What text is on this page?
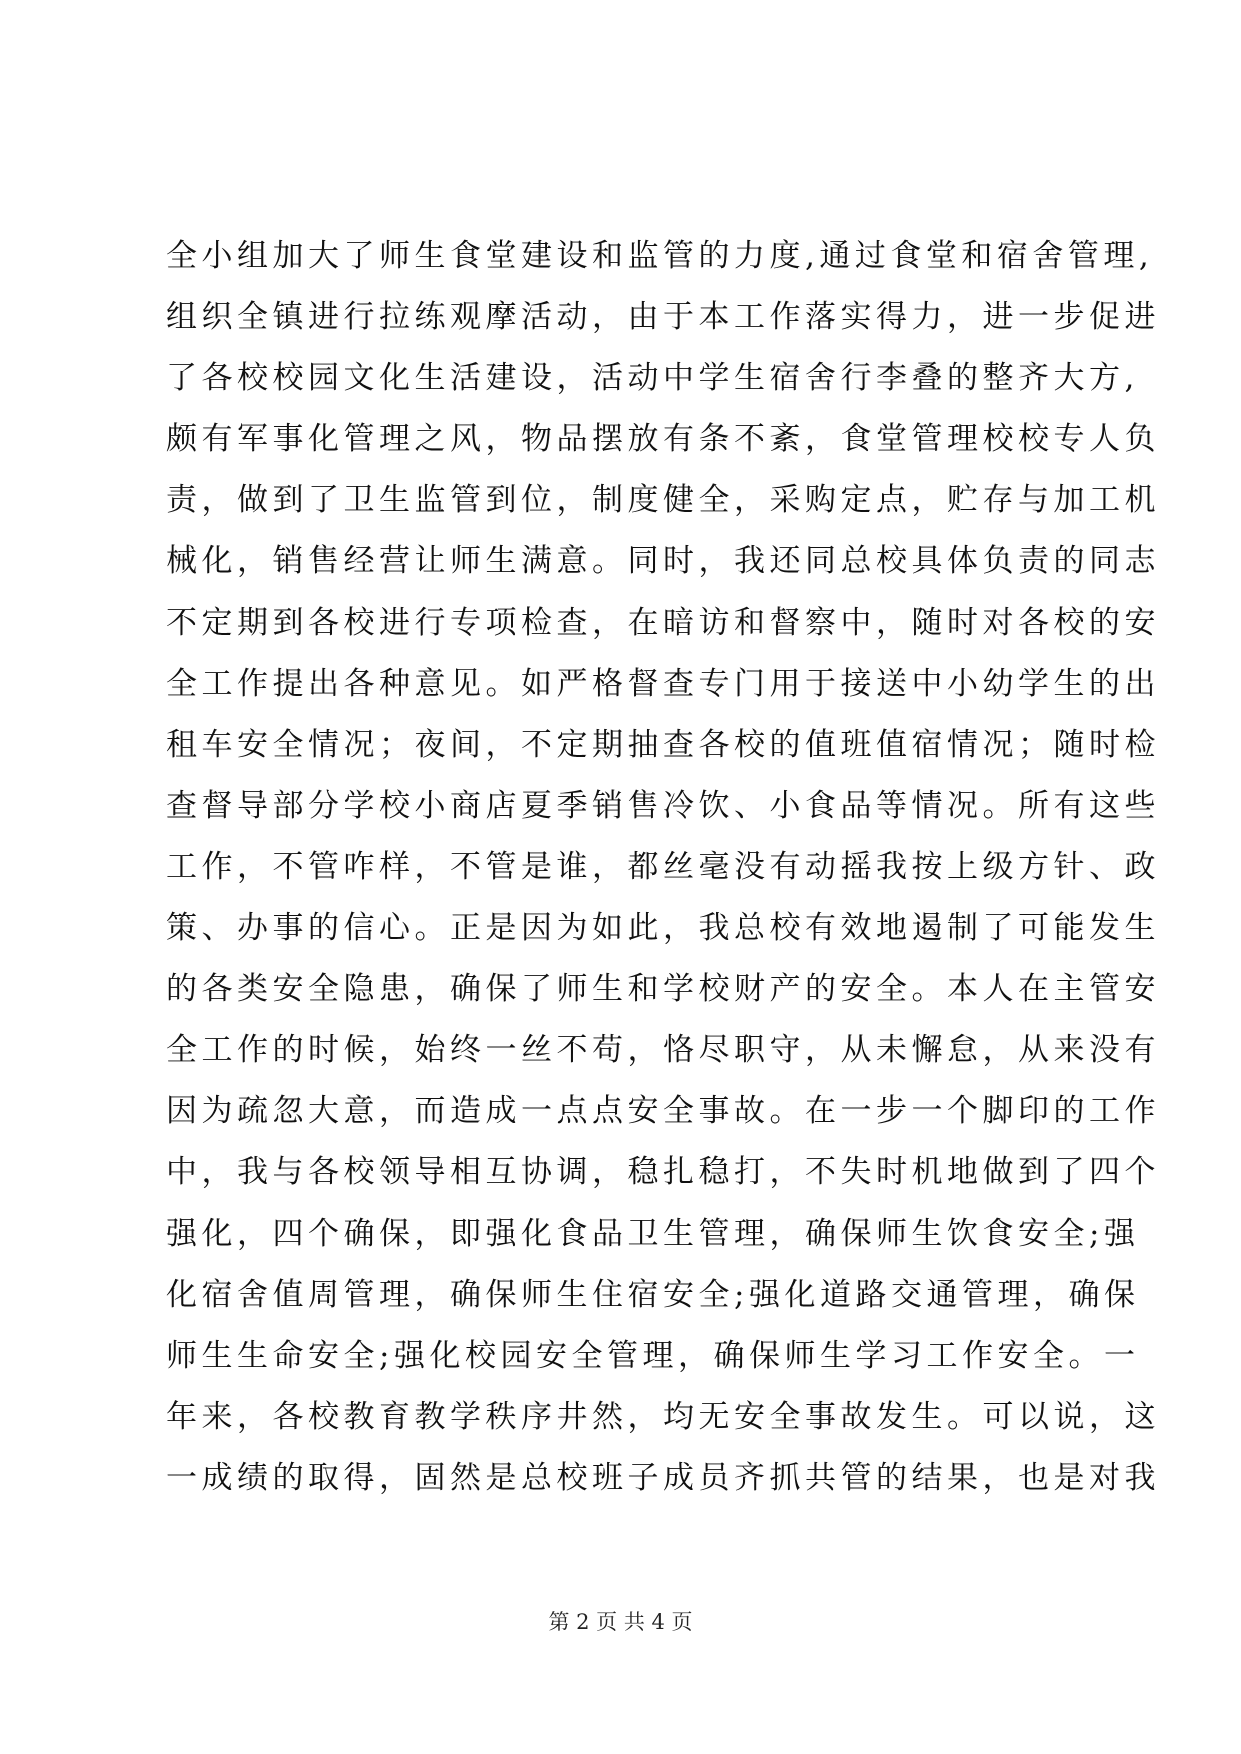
全小组加大了师生食堂建设和监管的力度,通过食堂和宿舍管理,
组织全镇进行拉练观摩活动，由于本工作落实得力，进一步促进
了各校校园文化生活建设，活动中学生宿舍行李叠的整齐大方,
颇有军事化管理之风，物品摆放有条不紊，食堂管理校校专人负
责，做到了卫生监管到位，制度健全，采购定点，贮存与加工机
械化，销售经营让师生满意。同时，我还同总校具体负责的同志
不定期到各校进行专项检查，在暗访和督察中，随时对各校的安
全工作提出各种意见。如严格督查专门用于接送中小幼学生的出
租车安全情况；夜间，不定期抽查各校的值班值宿情况；随时检
查督导部分学校小商店夏季销售冷饮、小食品等情况。所有这些
工作，不管咋样，不管是谁，都丝毫没有动摇我按上级方针、政
策、办事的信心。正是因为如此，我总校有效地遏制了可能发生
的各类安全隐患，确保了师生和学校财产的安全。本人在主管安
全工作的时候，始终一丝不苟，恪尽职守，从未懈怠，从来没有
因为疏忽大意，而造成一点点安全事故。在一步一个脚印的工作
中，我与各校领导相互协调，稳扎稳打，不失时机地做到了四个
强化，四个确保，即强化食品卫生管理，确保师生饮食安全;强
化宿舍值周管理，确保师生住宿安全;强化道路交通管理，确保
师生生命安全;强化校园安全管理，确保师生学习工作安全。一
年来，各校教育教学秩序井然，均无安全事故发生。可以说，这
一成绩的取得，固然是总校班子成员齐抓共管的结果，也是对我
第 2 页 共 4 页
